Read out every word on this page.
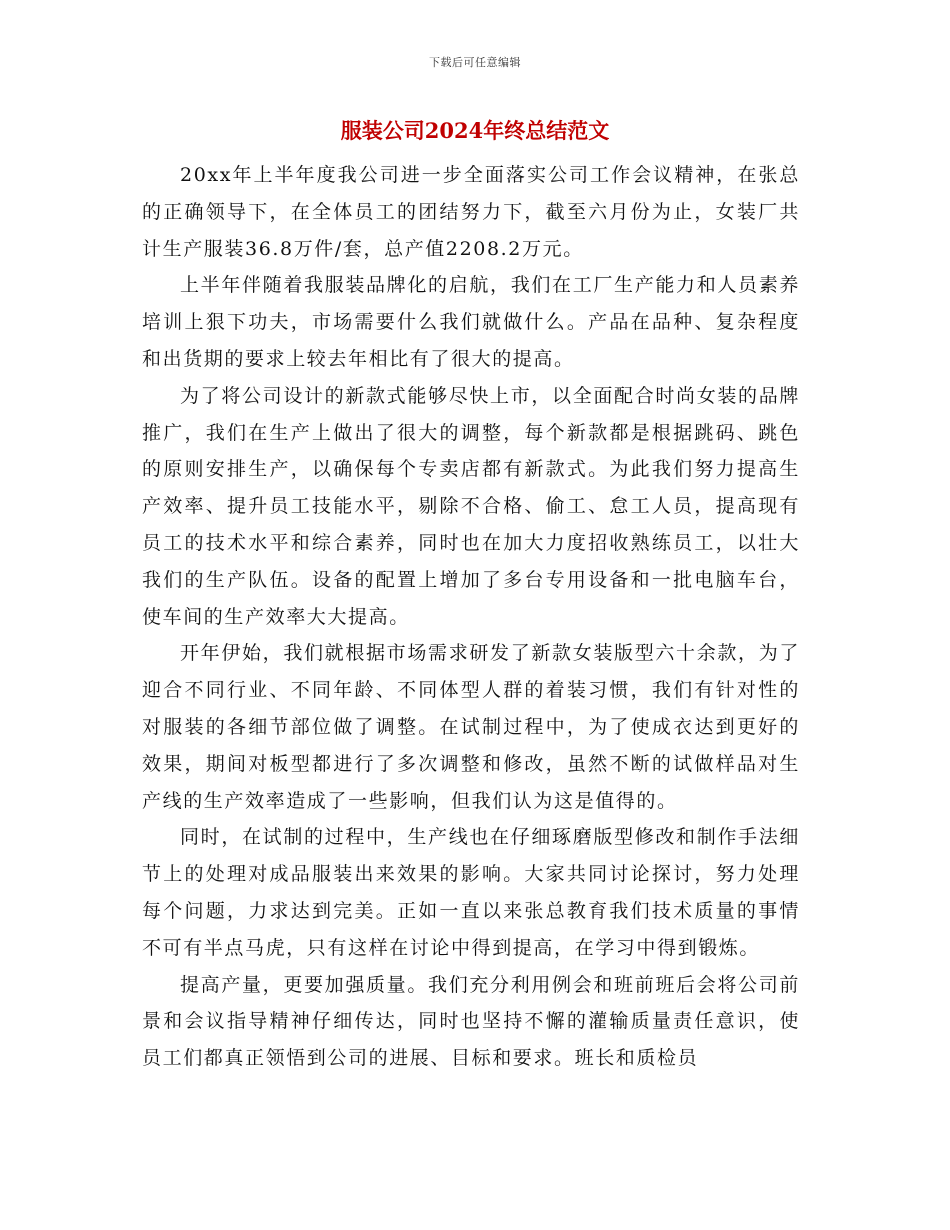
下载后可任意编辑
服装公司2024年终总结范文

20xx年上半年度我公司进一步全面落实公司工作会议精神，在张总的正确领导下，在全体员工的团结努力下，截至六月份为止，女装厂共计生产服装36.8万件/套，总产值2208.2万元。

上半年伴随着我服装品牌化的启航，我们在工厂生产能力和人员素养培训上狠下功夫，市场需要什么我们就做什么。产品在品种、复杂程度和出货期的要求上较去年相比有了很大的提高。

为了将公司设计的新款式能够尽快上市，以全面配合时尚女装的品牌推广，我们在生产上做出了很大的调整，每个新款都是根据跳码、跳色的原则安排生产，以确保每个专卖店都有新款式。为此我们努力提高生产效率、提升员工技能水平，剔除不合格、偷工、怠工人员，提高现有员工的技术水平和综合素养，同时也在加大力度招收熟练员工，以壮大我们的生产队伍。设备的配置上增加了多台专用设备和一批电脑车台，使车间的生产效率大大提高。

开年伊始，我们就根据市场需求研发了新款女装版型六十余款，为了迎合不同行业、不同年龄、不同体型人群的着装习惯，我们有针对性的对服装的各细节部位做了调整。在试制过程中，为了使成衣达到更好的效果，期间对板型都进行了多次调整和修改，虽然不断的试做样品对生产线的生产效率造成了一些影响，但我们认为这是值得的。

同时，在试制的过程中，生产线也在仔细琢磨版型修改和制作手法细节上的处理对成品服装出来效果的影响。大家共同讨论探讨，努力处理每个问题，力求达到完美。正如一直以来张总教育我们技术质量的事情不可有半点马虎，只有这样在讨论中得到提高，在学习中得到锻炼。

提高产量，更要加强质量。我们充分利用例会和班前班后会将公司前景和会议指导精神仔细传达，同时也坚持不懈的灌输质量责任意识，使员工们都真正领悟到公司的进展、目标和要求。班长和质检员
